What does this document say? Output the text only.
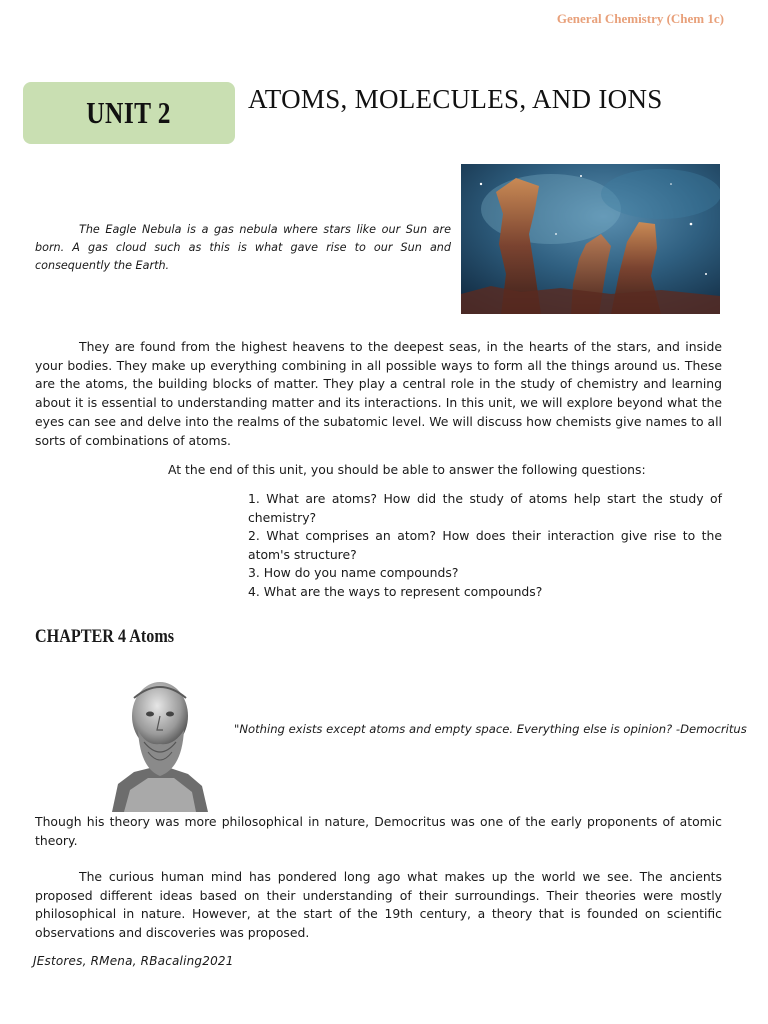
General Chemistry (Chem 1c)
UNIT 2	ATOMS, MOLECULES, AND IONS
The Eagle Nebula is a gas nebula where stars like our Sun are born. A gas cloud such as this is what gave rise to our Sun and consequently the Earth.

They are found from the highest heavens to the deepest seas, in the hearts of the stars, and inside your bodies. They make up everything combining in all possible ways to form all the things around us. These are the atoms, the building blocks of matter. They play a central role in the study of chemistry and learning about it is essential to understanding matter and its interactions. In this unit, we will explore beyond what the eyes can see and delve into the realms of the subatomic level. We will discuss how chemists give names to all sorts of combinations of atoms.

At the end of this unit, you should be able to answer the following questions:
1. What are atoms? How did the study of atoms help start the study of chemistry?
2. What comprises an atom? How does their interaction give rise to the atom's structure?
3. How do you name compounds?
4. What are the ways to represent compounds?
CHAPTER 4 Atoms
"Nothing exists except atoms and empty space. Everything else is opinion? -Democritus

Though his theory was more philosophical in nature, Democritus was one of the early proponents of atomic theory.

The curious human mind has pondered long ago what makes up the world we see. The ancients proposed different ideas based on their understanding of their surroundings. Their theories were mostly philosophical in nature. However, at the start of the 19th century, a theory that is founded on scientific observations and discoveries was proposed.

JEstores, RMena, RBacaling2021
